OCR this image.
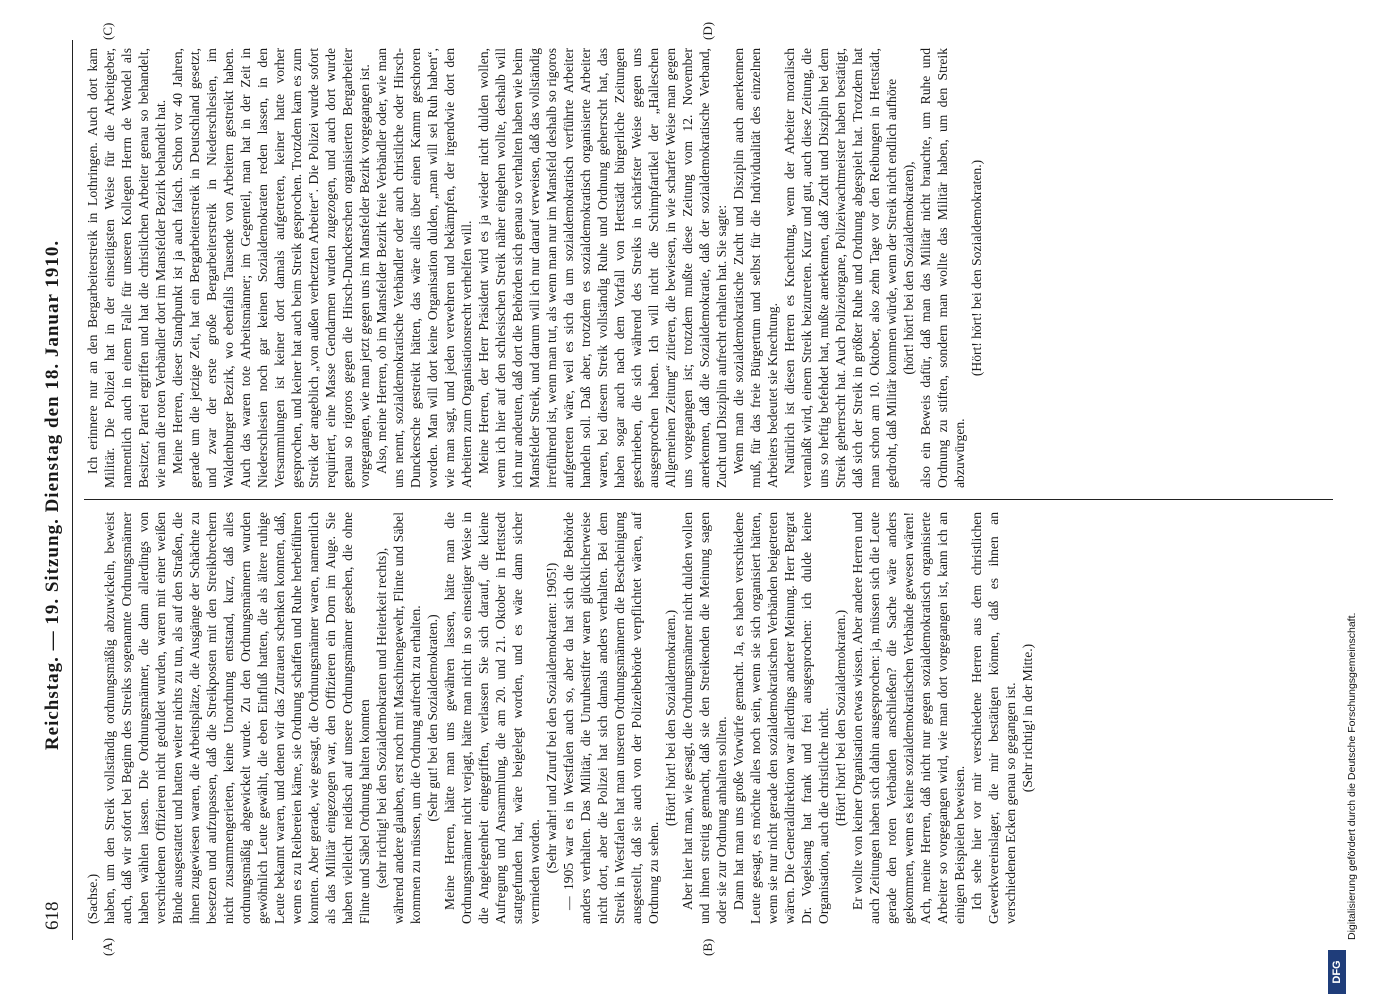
618
Reichstag. — 19. Sitzung. Dienstag den 18. Januar 1910.
(A)	(B)
(C)	(D)

(Sachse.) haben, um den Streik vollständig ordnungsmäßig abzuwickeln, beweist auch, daß wir sofort bei Beginn des Streiks sogenannte Ordnungsmänner haben wählen lassen. Die Ordnungsmänner, die dann allerdings von verschiedenen Offizieren nicht geduldet wurden, waren mit einer weißen Binde ausgestattet und hatten weiter nichts zu tun, als auf den Straßen, die ihnen zugewiesen waren, die Arbeitsplätze, die Ausgänge der Schächte zu besetzen und aufzupassen, daß die Streikposten mit den Streikbrechern nicht zusammengerieten, keine Unordnung entstand, kurz, daß alles ordnungsmäßig abgewickelt wurde. Zu den Ordnungsmännern wurden gewöhnlich Leute gewählt, die eben Einfluß hatten, die als ältere ruhige Leute bekannt waren, und denen wir das Zutrauen schenken konnten, daß, wenn es zu Reibereien käme, sie Ordnung schaffen und Ruhe herbeiführen konnten. Aber gerade, wie gesagt, die Ordnungsmänner waren, namentlich als das Militär eingezogen war, den Offizieren ein Dorn im Auge. Sie haben vielleicht neidisch auf unsere Ordnungsmänner gesehen, die ohne Flinte und Säbel Ordnung halten konnten (sehr richtig! bei den Sozialdemokraten und Heiterkeit rechts), während andere glauben, erst noch mit Maschinengewehr, Flinte und Säbel kommen zu müssen, um die Ordnung aufrecht zu erhalten. (Sehr gut! bei den Sozialdemokraten.) Meine Herren, hätte man uns gewähren lassen, hätte man die Ordnungsmänner nicht verjagt, hätte man nicht in so einseitiger Weise in die Angelegenheit eingegriffen, verlassen Sie sich darauf, die kleine Aufregung und Ansammlung, die am 20. und 21. Oktober in Hettstedt stattgefunden hat, wäre beigelegt worden, und es wäre dann sicher vermieden worden. (Sehr wahr! und Zuruf bei den Sozialdemokraten: 1905!) — 1905 war es in Westfalen auch so, aber da hat sich die Behörde anders verhalten. Das Militär, die Unruhestifter waren glücklicherweise nicht dort, aber die Polizei hat sich damals anders verhalten. Bei dem Streik in Westfalen hat man unseren Ordnungsmännern die Bescheinigung ausgestellt, daß sie auch von der Polizeibehörde verpflichtet wären, auf Ordnung zu sehen.

(Hört! hört! bei den Sozialdemokraten.) Aber hier hat man, wie gesagt, die Ordnungsmänner nicht dulden wollen und ihnen streitig gemacht, daß sie den Streikenden die Meinung sagen oder sie zur Ordnung anhalten sollten. Dann hat man uns große Vorwürfe gemacht. Ja, es haben verschiedene Leute gesagt, es möchte alles noch sein, wenn sie sich organisiert hätten, wenn sie nur nicht gerade den sozialdemokratischen Verbänden beigetreten wären. Die Generaldirektion war allerdings anderer Meinung. Herr Bergrat Dr. Vogelsang hat frank und frei ausgesprochen: ich dulde keine Organisation, auch die christliche nicht. (Hört! hört! bei den Sozialdemokraten.) Er wollte von keiner Organisation etwas wissen. Aber andere Herren und auch Zeitungen haben sich dahin ausgesprochen: ja, müssen sich die Leute gerade den roten Verbänden anschließen? die Sache wäre anders gekommen, wenn es keine sozialdemokratischen Verbände gewesen wären! Ach, meine Herren, daß nicht nur gegen sozialdemokratisch organisierte Arbeiter so vorgegangen wird, wie man dort vorgegangen ist, kann ich an einigen Beispielen beweisen. Ich sehe hier vor mir verschiedene Herren aus dem christlichen Gewerkvereinslager, die mir bestätigen können, daß es ihnen an verschiedenen Ecken genau so gegangen ist. (Sehr richtig! in der Mitte.)

Ich erinnere nur an den Bergarbeiterstreik in Lothringen. Auch dort kam Militär. Die Polizei hat in der einseitigsten Weise für die Arbeitgeber, namentlich auch in einem Falle für unseren Kollegen Herrn de Wendel als Besitzer, Partei ergriffen und hat die christlichen Arbeiter genau so behandelt, wie man die roten Verbändler dort im Mansfelder Bezirk behandelt hat. Meine Herren, dieser Standpunkt ist ja auch falsch. Schon vor 40 Jahren, gerade um die jetzige Zeit, hat ein Bergarbeiterstreik in Deutschland gesetzt, und zwar der erste große Bergarbeiterstreik in Niederschlesien, im Waldenburger Bezirk, wo ebenfalls Tausende von Arbeitern gestreikt haben. Auch das waren tote Arbeitsmänner; im Gegenteil, man hat in der Zeit in Niederschlesien noch gar keinen Sozialdemokraten reden lassen, in den Versammlungen ist keiner dort damals aufgetreten, keiner hatte vorher gesprochen, und keiner hat auch beim Streik gesprochen. Trotzdem kam es zum Streik der angeblich „von außen verhetzten Arbeiter“. Die Polizei wurde sofort requiriert, eine Masse Gendarmen wurden zugezogen, und auch dort wurde genau so rigoros gegen die Hirsch-Dunckerschen organisierten Bergarbeiter vorgegangen, wie man jetzt gegen uns im Mansfelder Bezirk vorgegangen ist. Also, meine Herren, ob im Mansfelder Bezirk freie Verbändler oder, wie man uns nennt, sozialdemokratische Verbändler oder auch christliche oder Hirsch-Dunckersche gestreikt hätten, das wäre alles über einen Kamm geschoren worden. Man will dort keine Organisation dulden, „man will sei Ruh haben“, wie man sagt, und jeden verwehren und bekämpfen, der irgendwie dort den Arbeitern zum Organisationsrecht verhelfen will. Meine Herren, der Herr Präsident wird es ja wieder nicht dulden wollen, wenn ich hier auf den schlesischen Streik näher eingehen wollte, deshalb will ich nur andeuten, daß dort die Behörden sich genau so verhalten haben wie beim Mansfelder Streik, und darum will ich nur darauf verweisen, daß das vollständig irreführend ist, wenn man tut, als wenn man nur im Mansfeld deshalb so rigoros aufgetreten wäre, weil es sich da um sozialdemokratisch verführte Arbeiter handeln soll. Daß aber, trotzdem es sozialdemokratisch organisierte Arbeiter waren, bei diesem Streik vollständig Ruhe und Ordnung geherrscht hat, das haben sogar auch nach dem Vorfall von Hettstädt bürgerliche Zeitungen geschrieben, die sich während des Streiks in schärfster Weise gegen uns ausgesprochen haben. Ich will nicht die Schimpfartikel der „Halleschen Allgemeinen Zeitung“ zitieren, die bewiesen, in wie scharfer Weise man gegen uns vorgegangen ist; trotzdem mußte diese Zeitung vom 12. November anerkennen, daß die Sozialdemokratie, daß der sozialdemokratische Verband, Zucht und Disziplin aufrecht erhalten hat. Sie sagte: Wenn man die sozialdemokratische Zucht und Disziplin auch anerkennen muß, für das freie Bürgertum und selbst für die Individualität des einzelnen Arbeiters bedeutet sie Knechtung. Natürlich ist diesen Herren es Knechtung, wenn der Arbeiter moralisch veranlaßt wird, einem Streik beizutreten. Kurz und gut, auch diese Zeitung, die uns so heftig befehdet hat, mußte anerkennen, daß Zucht und Disziplin bei dem Streik geherrscht hat. Auch Polizeiorgane, Polizeiwachtmeister haben bestätigt, daß sich der Streik in größter Ruhe und Ordnung abgespielt hat. Trotzdem hat man schon am 10. Oktober, also zehn Tage vor den Reibungen in Hettstädt, gedroht, daß Militär kommen würde, wenn der Streik nicht endlich aufhöre (hört! hört! bei den Sozialdemokraten), also ein Beweis dafür, daß man das Militär nicht brauchte, um Ruhe und Ordnung zu stiften, sondern man wollte das Militär haben, um den Streik abzuwürgen.

(Hört! hört! bei den Sozialdemokraten.)

DFG
Digitalisierung gefördert durch die Deutsche Forschungsgemeinschaft.
